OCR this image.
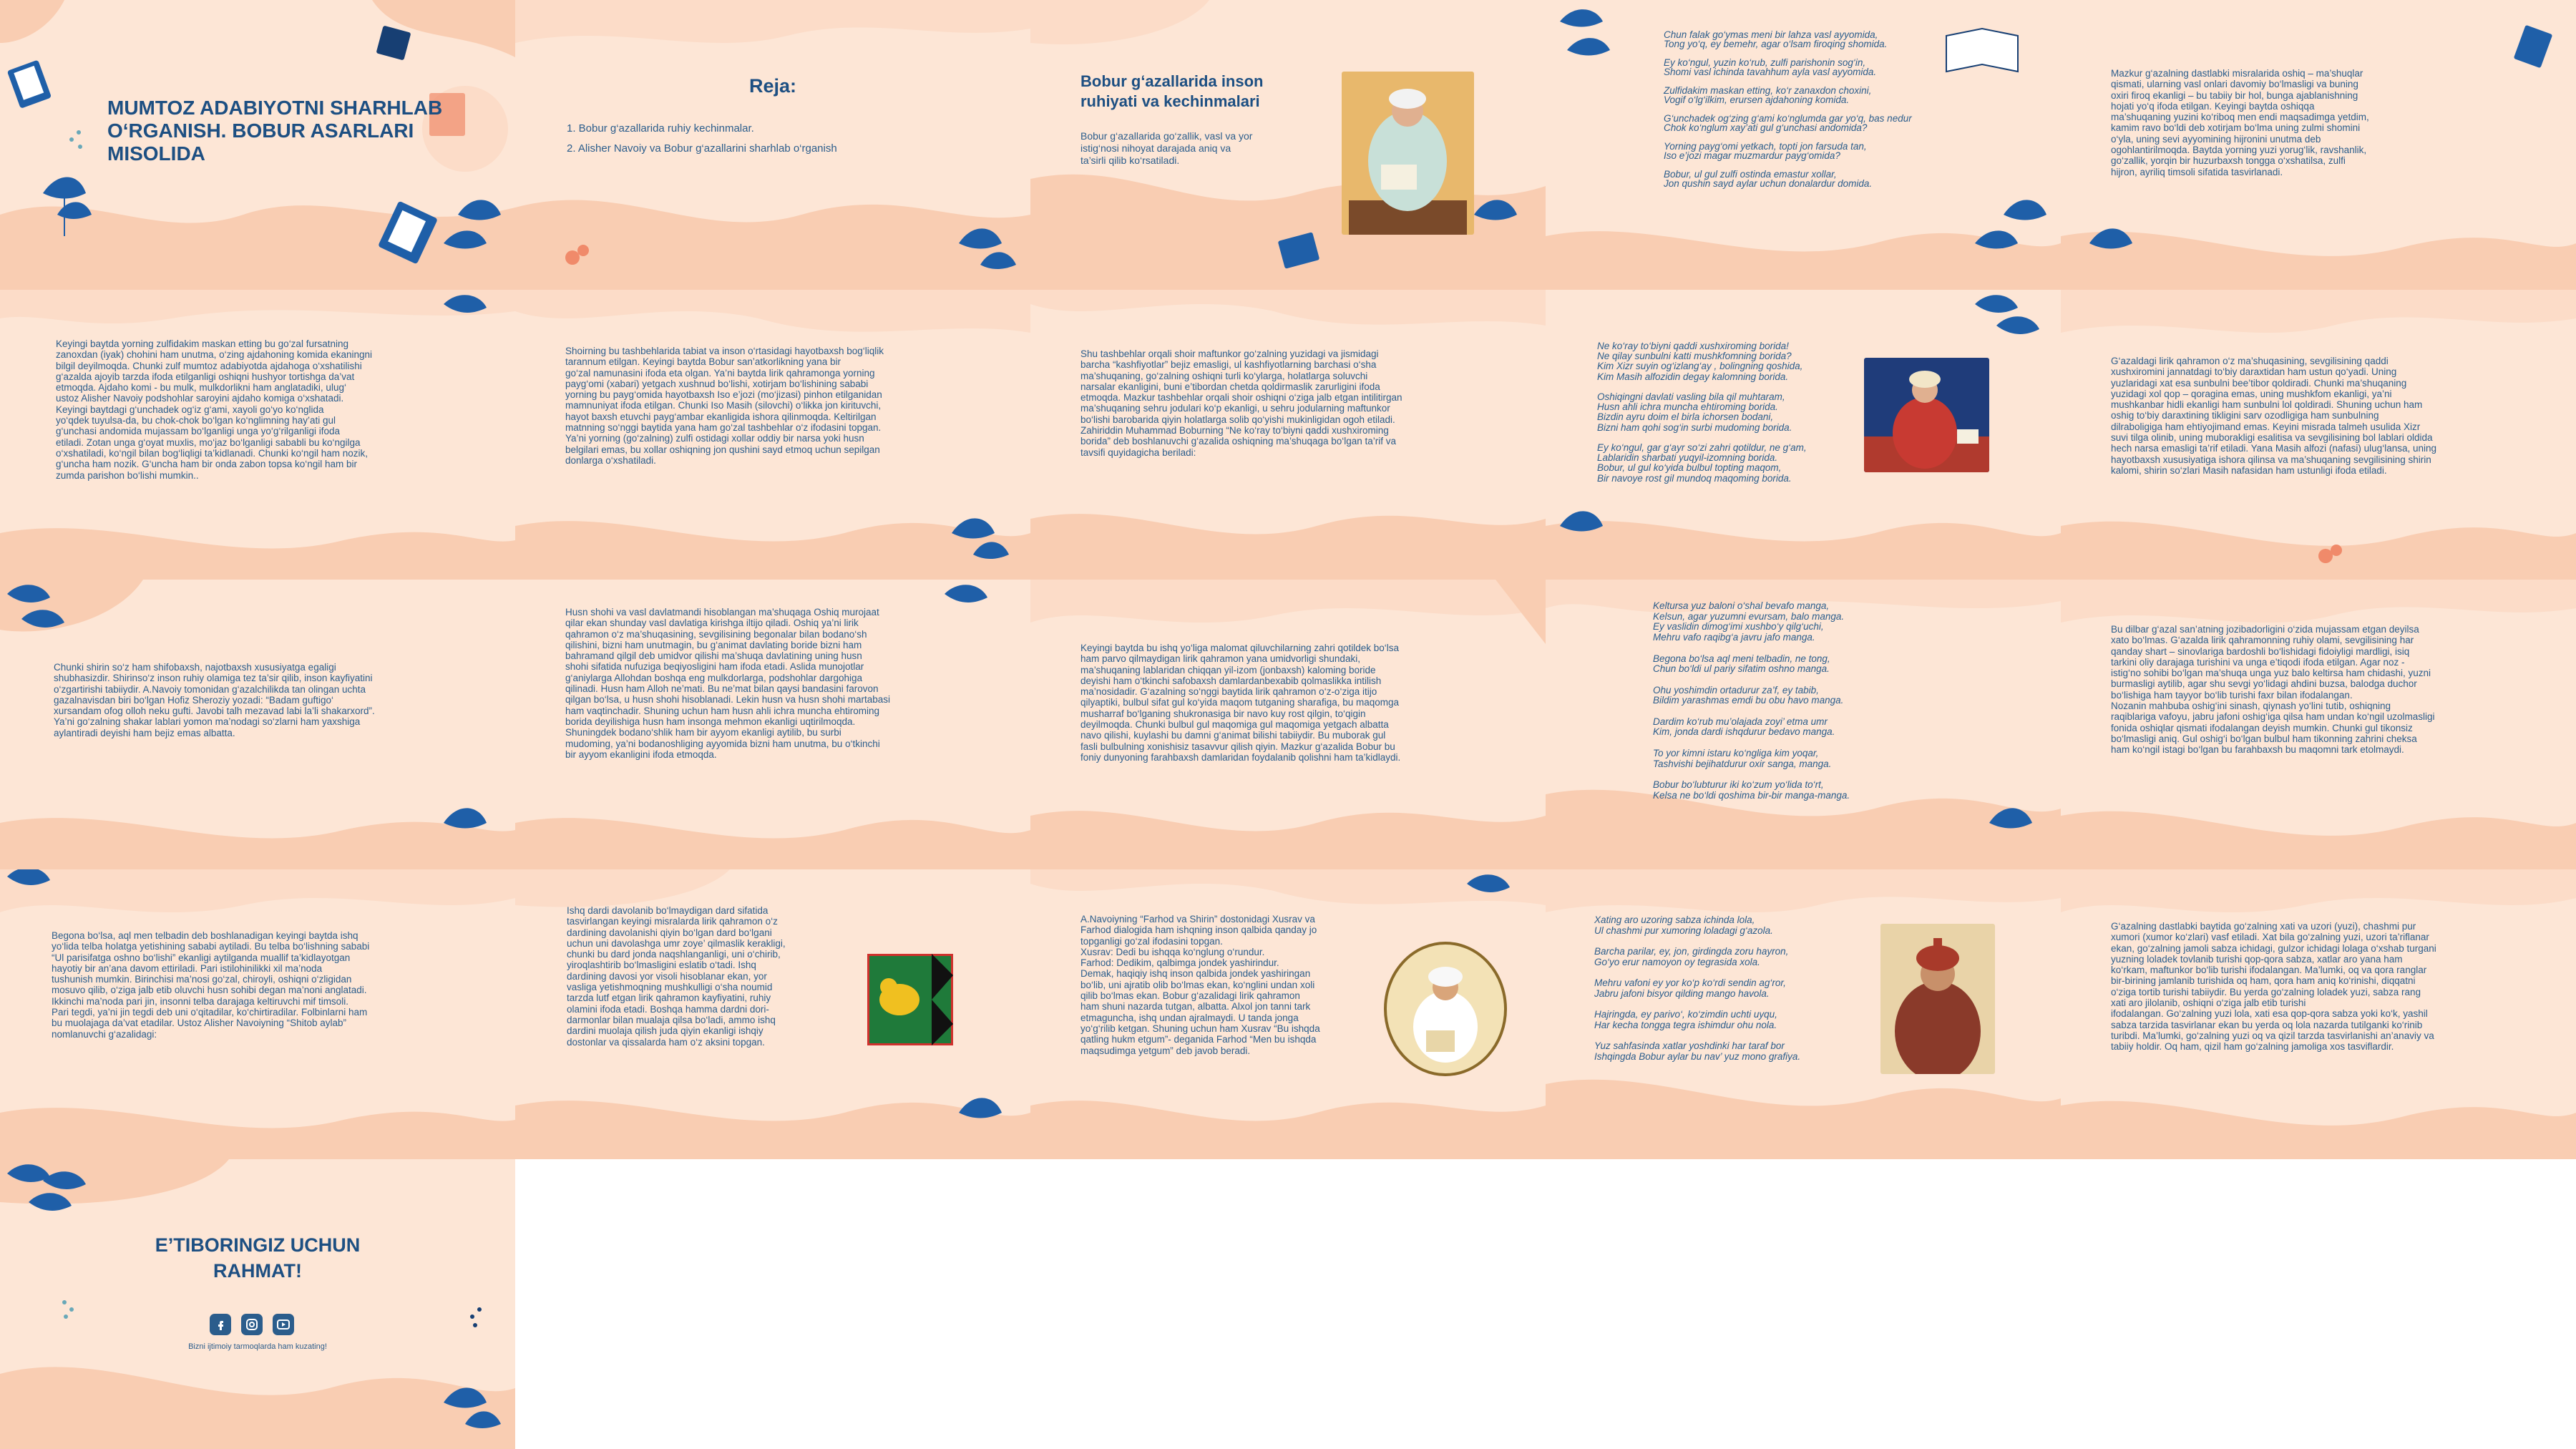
MUMTOZ ADABIYOTNI SHARHLAB O‘RGANISH. BOBUR ASARLARI MISOLIDA
Reja:
1. Bobur g‘azallarida ruhiy kechinmalar.
2. Alisher Navoiy va Bobur g‘azallarini sharhlab o‘rganish
Bobur g‘azallarida inson ruhiyati va kechinmalari
Bobur g‘azallarida go‘zallik, vasl va yor
istig‘nosi nihoyat darajada aniq va
ta’sirli qilib ko‘rsatiladi.
Chun falak go‘ymas meni bir lahza vasl ayyomida,
Tong yo‘q, ey bemehr, agar o‘lsam firoqing shomida.

Ey ko‘ngul, yuzin ko‘rub, zulfi parishonin sog‘in,
Shomi vasl ichinda tavahhum ayla vasl ayyomida.

Zulfidakim maskan etting, ko‘r zanaxdon choxini,
Vogif o‘lg‘ilkim, erursen ajdahoning komida.

G‘unchadek og‘zing g‘ami ko‘nglumda gar yo‘q, bas nedur
Chok ko‘nglum xay’ati gul g‘unchasi andomida?

Yorning payg‘omi yetkach, topti jon farsuda tan,
Iso e’jozi magar muzmardur payg‘omida?

Bobur, ul gul zulfi ostinda emastur xollar,
Jon qushin sayd aylar uchun donalardur domida.
Mazkur g‘azalning dastlabki misralarida oshiq – ma’shuqlar
qismati, ularning vasl onlari davomiy bo‘lmasligi va buning
oxiri firoq ekanligi – bu tabiiy bir hol, bunga ajablanishning
hojati yo‘q ifoda etilgan. Keyingi baytda oshiqqa
ma’shuqaning yuzini ko‘riboq men endi maqsadimga yetdim,
kamim ravo bo‘ldi deb xotirjam bo‘lma uning zulmi shomini
o‘yla, uning sevi ayyomining hijronini unutma deb
ogohlantirilmoqda. Baytda yorning yuzi yorug‘lik, ravshanlik,
go‘zallik, yorqin bir huzurbaxsh tongga o‘xshatilsa, zulfi
hijron, ayriliq timsoli sifatida tasvirlanadi.
Keyingi baytda yorning zulfidakim maskan etting bu go‘zal fursatning
zanoxdan (iyak) chohini ham unutma, o‘zing ajdahoning komida ekaningni
bilgil deyilmoqda. Chunki zulf mumtoz adabiyotda ajdahoga o‘xshatilishi
g‘azalda ajoyib tarzda ifoda etilganligi oshiqni hushyor tortishga da’vat
etmoqda. Ajdaho komi - bu mulk, mulkdorlikni ham anglatadiki, ulug‘
ustoz Alisher Navoiy podshohlar saroyini ajdaho komiga o‘xshatadi.
Keyingi baytdagi g‘unchadek og‘iz g‘ami, xayoli go‘yo ko‘nglida
yo‘qdek tuyulsa-da, bu chok-chok bo‘lgan ko‘nglimning hay’ati gul
g‘unchasi andomida mujassam bo‘lganligi unga yo‘g‘rilganligi ifoda
etiladi. Zotan unga g‘oyat muxlis, mo‘jaz bo‘lganligi sababli bu ko‘ngilga
o‘xshatiladi, ko‘ngil bilan bog‘liqligi ta’kidlanadi. Chunki ko‘ngil ham nozik,
g‘uncha ham nozik. G‘uncha ham bir onda zabon topsa ko‘ngil ham bir
zumda parishon bo‘lishi mumkin..
Shoirning bu tashbehlarida tabiat va inson o‘rtasidagi hayotbaxsh bog‘liqlik
tarannum etilgan. Keyingi baytda Bobur san’atkorlikning yana bir
go‘zal namunasini ifoda eta olgan. Ya’ni baytda lirik qahramonga yorning
payg‘omi (xabari) yetgach xushnud bo‘lishi, xotirjam bo‘lishining sababi
yorning bu payg‘omida hayotbaxsh Iso e’jozi (mo‘jizasi) pinhon etilganidan
mamnuniyat ifoda etilgan. Chunki Iso Masih (silovchi) o‘likka jon kirituvchi,
hayot baxsh etuvchi payg‘ambar ekanligida ishora qilinmoqda. Keltirilgan
matnning so‘nggi baytida yana ham go‘zal tashbehlar o‘z ifodasini topgan.
Ya’ni yorning (go‘zalning) zulfi ostidagi xollar oddiy bir narsa yoki husn
belgilari emas, bu xollar oshiqning jon qushini sayd etmoq uchun sepilgan
donlarga o‘xshatiladi.
Shu tashbehlar orqali shoir maftunkor go‘zalning yuzidagi va jismidagi
barcha “kashfiyotlar” bejiz emasligi, ul kashfiyotlarning barchasi o‘sha
ma’shuqaning, go‘zalning oshiqni turli ko‘ylarga, holatlarga soluvchi
narsalar ekanligini, buni e’tibordan chetda qoldirmaslik zarurligini ifoda
etmoqda. Mazkur tashbehlar orqali shoir oshiqni o‘ziga jalb etgan intilitirgan
ma’shuqaning sehru jodulari ko‘p ekanligi, u sehru jodularning maftunkor
bo‘lishi barobarida qiyin holatlarga solib qo‘yishi mukinligidan ogoh etiladi.
Zahiriddin Muhammad Boburning “Ne ko‘ray to‘biyni qaddi xushxiroming
borida” deb boshlanuvchi g‘azalida oshiqning ma’shuqaga bo‘lgan ta’rif va
tavsifi quyidagicha beriladi:
Ne ko‘ray to‘biyni qaddi xushxiroming borida!
Ne qilay sunbulni katti mushkfomning borida?
Kim Xizr suyin og‘izlang‘ay , bolingning qoshida,
Kim Masih alfozidin degay kalomning borida.

Oshiqingni davlati vasling bila qil muhtaram,
Husn ahli ichra muncha ehtiroming borida.
Bizdin ayru doim el birla ichorsen bodani,
Bizni ham qohi sog‘in surbi mudoming borida.

Ey ko‘ngul, gar g‘ayr so‘zi zahri qotildur, ne g‘am,
Lablaridin sharbati yuqyil-izomning borida.
Bobur, ul gul ko‘yida bulbul topting maqom,
Bir navoye rost gil mundoq maqoming borida.
G‘azaldagi lirik qahramon o‘z ma’shuqasining, sevgilisining qaddi
xushxiromini jannatdagi to‘biy daraxtidan ham ustun qo‘yadi. Uning
yuzlaridagi xat esa sunbulni bee’tibor qoldiradi. Chunki ma’shuqaning
yuzidagi xol qop – qoragina emas, uning mushkfom ekanligi, ya’ni
mushkanbar hidli ekanligi ham sunbulni lol qoldiradi. Shuning uchun ham
oshig to‘biy daraxtining tikligini sarv ozodligiga ham sunbulning
dilraboligiga ham ehtiyojimand emas. Keyini misrada talmeh usulida Xizr
suvi tilga olinib, uning muborakligi esalitisa va sevgilisining bol lablari oldida
hech narsa emasligi ta’rif etiladi. Yana Masih alfozi (nafasi) ulug‘lansa, uning
hayotbaxsh xususiyatiga ishora qilinsa va ma’shuqaning sevgilisining shirin
kalomi, shirin so‘zlari Masih nafasidan ham ustunligi ifoda etiladi.
Chunki shirin so‘z ham shifobaxsh, najotbaxsh xususiyatga egaligi
shubhasizdir. Shirinso‘z inson ruhiy olamiga tez ta’sir qilib, inson kayfiyatini
o‘zgartirishi tabiiydir. A.Navoiy tomonidan g‘azalchilikda tan olingan uchta
gazalnavisdan biri bo‘lgan Hofiz Sheroziy yozadi: “Badam guftigo‘
xursandam ofog olloh neku gufti. Javobi talh mezavad labi la’li shakarxord”.
Ya’ni go‘zalning shakar lablari yomon ma’nodagi so‘zlarni ham yaxshiga
aylantiradi deyishi ham bejiz emas albatta.
Husn shohi va vasl davlatmandi hisoblangan ma’shuqaga Oshiq murojaat
qilar ekan shunday vasl davlatiga kirishga iltijo qiladi. Oshiq ya’ni lirik
qahramon o‘z ma’shuqasining, sevgilisining begonalar bilan bodano‘sh
qilishini, bizni ham unutmagin, bu g‘animat davlating boride bizni ham
bahramand qilgil deb umidvor qilishi ma’shuqa davlatining uning husn
shohi sifatida nufuziga beqiyosligini ham ifoda etadi. Aslida munojotlar
g‘aniylarga Allohdan boshqa eng mulkdorlarga, podshohlar dargohiga
qilinadi. Husn ham Alloh ne’mati. Bu ne’mat bilan qaysi bandasini farovon
qilgan bo‘lsa, u husn shohi hisoblanadi. Lekin husn va husn shohi martabasi
ham vaqtinchadir. Shuning uchun ham husn ahli ichra muncha ehtiroming
borida deyilishiga husn ham insonga mehmon ekanligi uqtirilmoqda.
Shuningdek bodano‘shlik ham bir ayyom ekanligi aytilib, bu surbi
mudoming, ya’ni bodanoshliging ayyomida bizni ham unutma, bu o‘tkinchi
bir ayyom ekanligini ifoda etmoqda.
Keyingi baytda bu ishq yo‘liga malomat qiluvchilarning zahri qotildek bo‘lsa
ham parvo qilmaydigan lirik qahramon yana umidvorligi shundaki,
ma’shuqaning lablaridan chiqqan yil-izom (jonbaxsh) kaloming boride
deyishi ham o‘tkinchi safobaxsh damlardanbexabib qolmaslikka intilish
ma’nosidadir. G‘azalning so‘nggi baytida lirik qahramon o‘z-o‘ziga itijo
qilyaptiki, bulbul sifat gul ko‘yida maqom tutganing sharafiga, bu maqomga
musharraf bo‘lganing shukronasiga bir navo kuy rost qilgin, to‘qigin
deyilmoqda. Chunki bulbul gul maqomiga gul maqomiga yetgach albatta
navo qilishi, kuylashi bu damni g‘animat bilishi tabiiydir. Bu muborak gul
fasli bulbulning xonishisiz tasavvur qilish qiyin. Mazkur g‘azalida Bobur bu
foniy dunyoning farahbaxsh damlaridan foydalanib qolishni ham ta’kidlaydi.
Keltursa yuz baloni o‘shal bevafo manga,
Kelsun, agar yuzumni evursam, balo manga.
Ey vaslidin dimog‘imi xushbo‘y qilg‘uchi,
Mehru vafo raqibg‘a javru jafo manga.

Begona bo‘lsa aql meni telbadin, ne tong,
Chun bo‘ldi ul pariy sifatim oshno manga.

Ohu yoshimdin ortadurur za’f, ey tabib,
Bildim yarashmas emdi bu obu havo manga.

Dardim ko‘rub mu’olajada zoyi’ etma umr
Kim, jonda dardi ishqdurur bedavo manga.

To yor kimni istaru ko‘ngliga kim yoqar,
Tashvishi bejihatdurur oxir sanga, manga.

Bobur bo‘lubturur iki ko‘zum yo‘lida to‘rt,
Kelsa ne bo‘ldi qoshima bir-bir manga-manga.
Bu dilbar g‘azal san’atning jozibadorligini o‘zida mujassam etgan deyilsa
xato bo‘lmas. G‘azalda lirik qahramonning ruhiy olami, sevgilisining har
qanday shart – sinovlariga bardoshli bo‘lishidagi fidoiyligi mardligi, isiq
tarkini oliy darajaga turishini va unga e’tiqodi ifoda etilgan. Agar noz -
istig‘no sohibi bo‘lgan ma’shuqa unga yuz balo keltirsa ham chidashi, yuzni
burmasligi aytilib, agar shu sevgi yo‘lidagi ahdini buzsa, balodga duchor
bo‘lishiga ham tayyor bo‘lib turishi faxr bilan ifodalangan.
Nozanin mahbuba oshig‘ini sinash, qiynash yo‘lini tutib, oshiqning
raqiblariga vafoyu, jabru jafoni oshig‘iga qilsa ham undan ko‘ngil uzolmasligi
fonida oshiqlar qismati ifodalangan deyish mumkin. Chunki gul tikonsiz
bo‘lmasligi aniq. Gul oshig‘i bo‘lgan bulbul ham tikonning zahrini cheksa
ham ko‘ngil istagi bo‘lgan bu farahbaxsh bu maqomni tark etolmaydi.
Begona bo‘lsa, aql men telbadin deb boshlanadigan keyingi baytda ishq
yo‘lida telba holatga yetishining sababi aytiladi. Bu telba bo‘lishning sababi
“Ul parisifatga oshno bo‘lishi” ekanligi aytilganda muallif ta’kidlayotgan
hayotiy bir an’ana davom ettiriladi. Pari istilohinilikki xil ma’noda
tushunish mumkin. Birinchisi ma’nosi go‘zal, chiroyli, oshiqni o‘zligidan
mosuvo qilib, o‘ziga jalb etib oluvchi husn sohibi degan ma’noni anglatadi.
Ikkinchi ma’noda pari jin, insonni telba darajaga keltiruvchi mif timsoli.
Pari tegdi, ya’ni jin tegdi deb uni o‘qitadilar, ko‘chirtiradilar. Folbinlarni ham
bu muolajaga da’vat etadilar. Ustoz Alisher Navoiyning “Shitob aylab”
nomlanuvchi g‘azalidagi:
Ishq dardi davolanib bo‘lmaydigan dard sifatida
tasvirlangan keyingi misralarda lirik qahramon o‘z
dardining davolanishi qiyin bo‘lgan dard bo‘lgani
uchun uni davolashga umr zoye’ qilmaslik kerakligi,
chunki bu dard jonda naqshlanganligi, uni o‘chirib,
yiroqlashtirib bo‘lmasligini eslatib o‘tadi. Ishq
dardining davosi yor visoli hisoblanar ekan, yor
vasliga yetishmoqning mushkulligi o‘sha noumid
tarzda lutf etgan lirik qahramon kayfiyatini, ruhiy
olamini ifoda etadi. Boshqa hamma dardni dori-
darmonlar bilan mualaja qilsa bo‘ladi, ammo ishq
dardini muolaja qilish juda qiyin ekanligi ishqiy
dostonlar va qissalarda ham o‘z aksini topgan.
A.Navoiyning “Farhod va Shirin” dostonidagi Xusrav va
Farhod dialogida ham ishqning inson qalbida qanday jo
topganligi go‘zal ifodasini topgan.
Xusrav: Dedi bu ishqqa ko‘nglung o‘rundur.
Farhod: Dedikim, qalbimga jondek yashirindur.
Demak, haqiqiy ishq inson qalbida jondek yashiringan
bo‘lib, uni ajratib olib bo‘lmas ekan, ko‘nglini undan xoli
qilib bo‘lmas ekan. Bobur g‘azalidagi lirik qahramon
ham shuni nazarda tutgan, albatta. Alxol jon tanni tark
etmaguncha, ishq undan ajralmaydi. U tanda jonga
yo‘g‘rilib ketgan. Shuning uchun ham Xusrav “Bu ishqda
qatling hukm etgum”- deganida Farhod “Men bu ishqda
maqsudimga yetgum” deb javob beradi.
Xating aro uzoring sabza ichinda lola,
Ul chashmi pur xumoring loladagi g‘azola.

Barcha parilar, ey, jon, girdingda zoru hayron,
Go‘yo erur namoyon oy tegrasida xola.

Mehru vafoni ey yor ko‘p ko‘rdi sendin ag‘ror,
Jabru jafoni bisyor qilding mango havola.

Hajringda, ey parivo‘, ko‘zimdin uchti uyqu,
Har kecha tongga tegra ishimdur ohu nola.

Yuz sahfasinda xatlar yoshdinki har taraf bor
Ishqingda Bobur aylar bu nav’ yuz mono grafiya.
G‘azalning dastlabki baytida go‘zalning xati va uzori (yuzi), chashmi pur
xumori (xumor ko‘zlari) vasf etiladi. Xat bila go‘zalning yuzi, uzori ta’riflanar
ekan, go‘zalning jamoli sabza ichidagi, gulzor ichidagi lolaga o‘xshab turgani
yuzning loladek tovlanib turishi qop-qora sabza, xatlar aro yana ham
ko‘rkam, maftunkor bo‘lib turishi ifodalangan. Ma’lumki, oq va qora ranglar
bir-birining jamlanib turishida oq ham, qora ham aniq ko‘rinishi, diqqatni
o‘ziga tortib turishi tabiiydir. Bu yerda go‘zalning loladek yuzi, sabza rang
xati aro jilolanib, oshiqni o‘ziga jalb etib turishi
ifodalangan. Go‘zalning yuzi lola, xati esa qop-qora sabza yoki ko‘k, yashil
sabza tarzida tasvirlanar ekan bu yerda oq lola nazarda tutilganki ko‘rinib
turibdi. Ma’lumki, go‘zalning yuzi oq va qizil tarzda tasvirlanishi an’anaviy va
tabiiy holdir. Oq ham, qizil ham go‘zalning jamoliga xos tasviflardir.
E’TIBORINGIZ UCHUN RAHMAT!
Bizni ijtimoiy tarmoqlarda ham kuzating!
